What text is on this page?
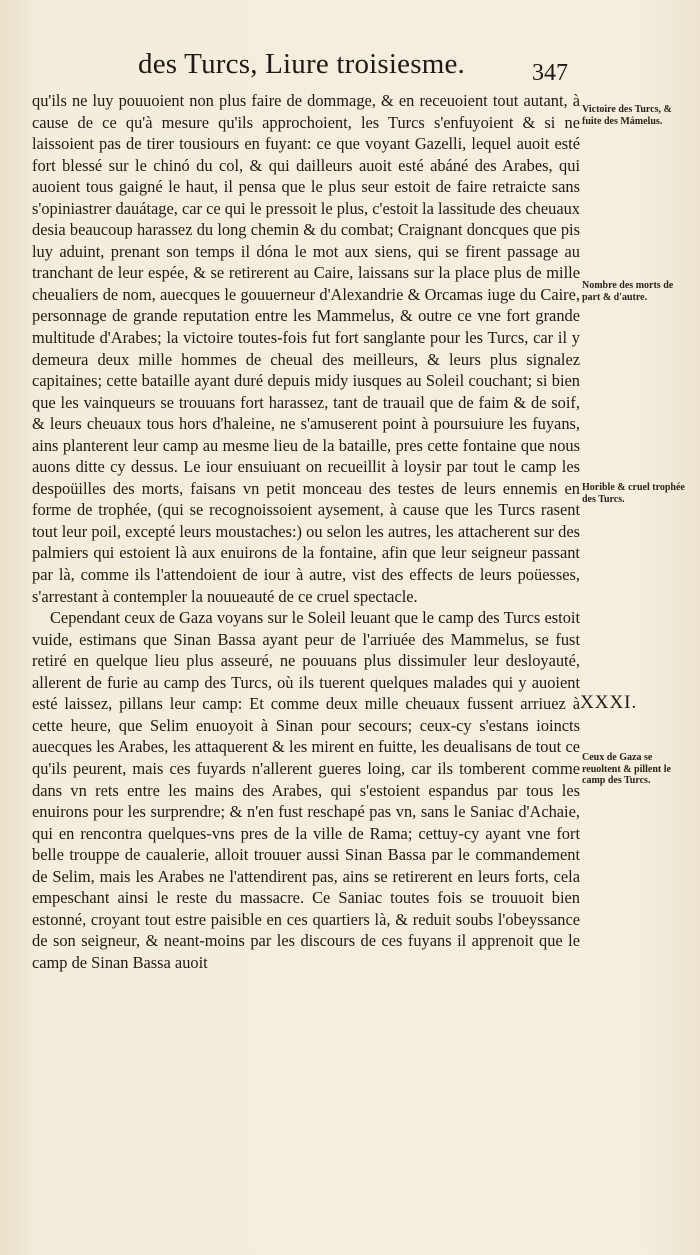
des Turcs, Liure troisiesme.	347

qu'ils ne luy pouuoient non plus faire de dommage, & en receuoient tout autant, à cause de ce qu'à mesure qu'ils approchoient, les Turcs s'enfuyoient & si ne laissoient pas de tirer tousiours en fuyant: ce que voyant Gazelli, lequel auoit esté fort blessé sur le chinó du col, & qui dailleurs auoit esté abáné des Arabes, qui auoient tous gaigné le haut, il pensa que le plus seur estoit de faire retraicte sans s'opiniastrer dauátage, car ce qui le pressoit le plus, c'estoit la lassitude des cheuaux desia beaucoup harassez du long chemin & du combat; Craignant doncques que pis luy aduint, prenant son temps il dóna le mot aux siens, qui se firent passage au tranchant de leur espée, & se retirerent au Caire, laissans sur la place plus de mille cheualiers de nom, auecques le gouuerneur d'Alexandrie & Orcamas iuge du Caire, personnage de grande reputation entre les Mammelus, & outre ce vne fort grande multitude d'Arabes; la victoire toutes-fois fut fort sanglante pour les Turcs, car il y demeura deux mille hommes de cheual des meilleurs, & leurs plus signalez capitaines; cette bataille ayant duré depuis midy iusques au Soleil couchant; si bien que les vainqueurs se trouuans fort harassez, tant de trauail que de faim & de soif, & leurs cheuaux tous hors d'haleine, ne s'amuserent point à poursuiure les fuyans, ains planterent leur camp au mesme lieu de la bataille, pres cette fontaine que nous auons ditte cy dessus. Le iour ensuiuant on recueillit à loysir par tout le camp les despoüilles des morts, faisans vn petit monceau des testes de leurs ennemis en forme de trophée, (qui se recognoissoient aysement, à cause que les Turcs rasent tout leur poil, excepté leurs moustaches:) ou selon les autres, les attacherent sur des palmiers qui estoient là aux enuirons de la fontaine, afin que leur seigneur passant par là, comme ils l'attendoient de iour à autre, vist des effects de leurs poüesses, s'arrestant à contempler la nouueauté de ce cruel spectacle.

Cependant ceux de Gaza voyans sur le Soleil leuant que le camp des Turcs estoit vuide, estimans que Sinan Bassa ayant peur de l'arriuée des Mammelus, se fust retiré en quelque lieu plus asseuré, ne pouuans plus dissimuler leur desloyauté, allerent de furie au camp des Turcs, où ils tuerent quelques malades qui y auoient esté laissez, pillans leur camp: Et comme deux mille cheuaux fussent arriuez à cette heure, que Selim enuoyoit à Sinan pour secours; ceux-cy s'estans ioincts auecques les Arabes, les attaquerent & les mirent en fuitte, les deualisans de tout ce qu'ils peurent, mais ces fuyards n'allerent gueres loing, car ils tomberent comme dans vn rets entre les mains des Arabes, qui s'estoient espandus par tous les enuirons pour les surprendre; & n'en fust reschapé pas vn, sans le Saniac d'Achaie, qui en rencontra quelques-vns pres de la ville de Rama; cettuy-cy ayant vne fort belle trouppe de caualerie, alloit trouuer aussi Sinan Bassa par le commandement de Selim, mais les Arabes ne l'attendirent pas, ains se retirerent en leurs forts, cela empeschant ainsi le reste du massacre. Ce Saniac toutes fois se trouuoit bien estonné, croyant tout estre paisible en ces quartiers là, & reduit soubs l'obeyssance de son seigneur, & neant-moins par les discours de ces fuyans il apprenoit que le camp de Sinan Bassa auoit

Victoire des Turcs, & fuite des Mámelus.
Nombre des morts de part & d'autre.
Horible & cruel trophée des Turcs.
XXXI.
Ceux de Gaza se reuoltent & pillent le camp des Turcs.
